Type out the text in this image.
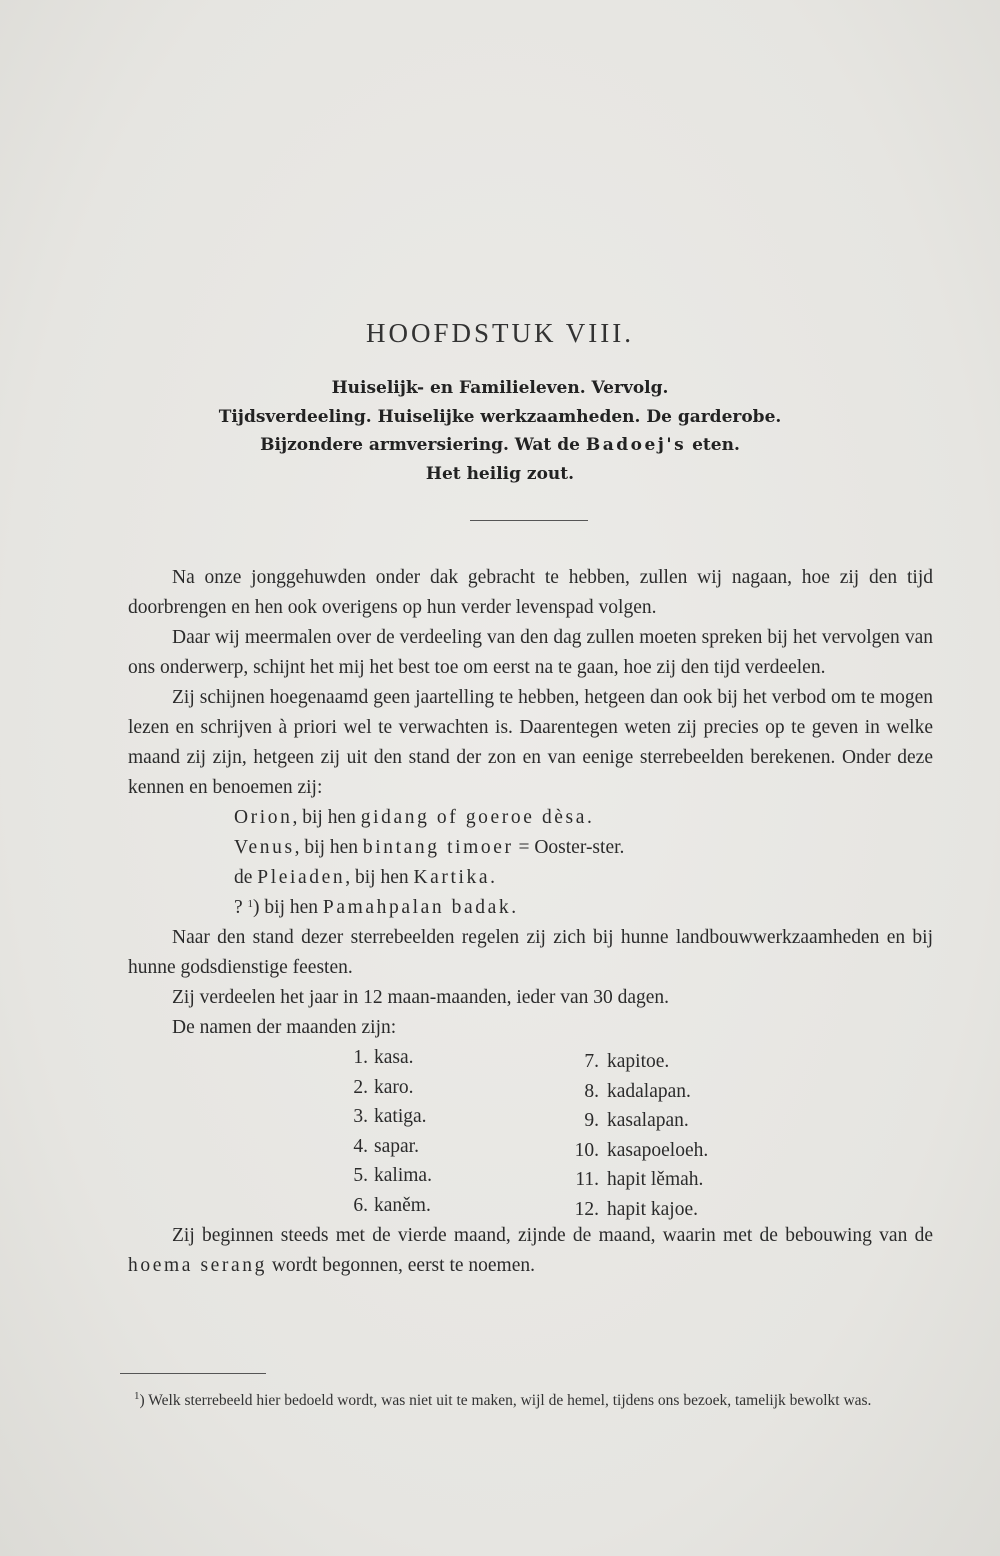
HOOFDSTUK VIII.
Huiselijk- en Familieleven. Vervolg.
Tijdsverdeeling. Huiselijke werkzaamheden. De garderobe.
Bijzondere armversiering. Wat de Badoej's eten.
Het heilig zout.

Na onze jonggehuwden onder dak gebracht te hebben, zullen wij nagaan, hoe zij den tijd doorbrengen en hen ook overigens op hun verder levenspad volgen.

Daar wij meermalen over de verdeeling van den dag zullen moeten spreken bij het vervolgen van ons onderwerp, schijnt het mij het best toe om eerst na te gaan, hoe zij den tijd verdeelen.

Zij schijnen hoegenaamd geen jaartelling te hebben, hetgeen dan ook bij het verbod om te mogen lezen en schrijven à priori wel te verwachten is. Daarentegen weten zij precies op te geven in welke maand zij zijn, hetgeen zij uit den stand der zon en van eenige sterrebeelden berekenen. Onder deze kennen en benoemen zij:

Orion, bij hen gidang of goeroe dèsa.
Venus, bij hen bintang timoer = Ooster-ster.
de Pleiaden, bij hen Kartika.
? $^1$) bij hen Pamahpalan badak.

Naar den stand dezer sterrebeelden regelen zij zich bij hunne landbouwwerkzaamheden en bij hunne godsdienstige feesten.

Zij verdeelen het jaar in 12 maan-maanden, ieder van 30 dagen.

De namen der maanden zijn:

1. kasa.
2. karo.
3. katiga.
4. sapar.
5. kalima.
6. kaněm.
7. kapitoe.
8. kadalapan.
9. kasalapan.
10. kasapoeloeh.
11. hapit lěmah.
12. hapit kajoe.

Zij beginnen steeds met de vierde maand, zijnde de maand, waarin met de bebouwing van de hoema serang wordt begonnen, eerst te noemen.

$^1$) Welk sterrebeeld hier bedoeld wordt, was niet uit te maken, wijl de hemel, tijdens ons bezoek, tamelijk bewolkt was.
